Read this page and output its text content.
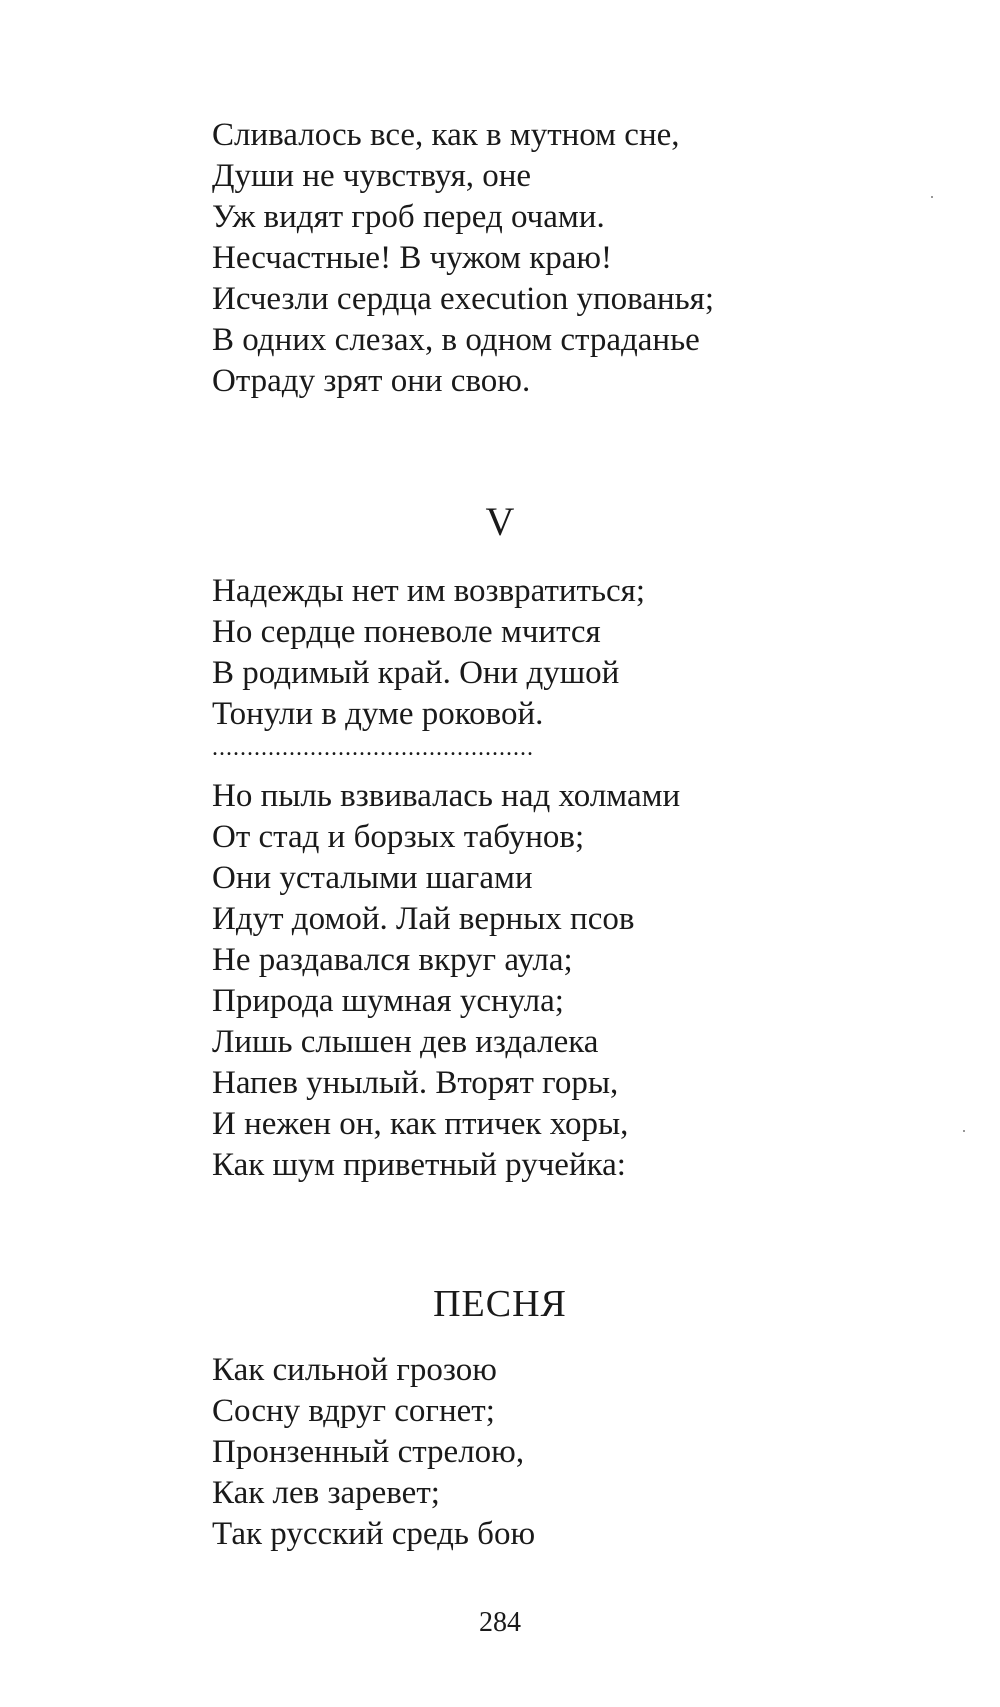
Сливалось все, как в мутном сне,
Души не чувствуя, оне
Уж видят гроб перед очами.
Несчастные! В чужом краю!
Исчезли сердца execution упованья;
В одних слезах, в одном страданье
Отраду зрят они свою.
V
Надежды нет им возвратиться;
Но сердце поневоле мчится
В родимый край. Они душой
Тонули в думе роковой.
..............................................
Но пыль взвивалась над холмами
От стад и борзых табунов;
Они усталыми шагами
Идут домой. Лай верных псов
Не раздавался вкруг аула;
Природа шумная уснула;
Лишь слышен дев издалека
Напев унылый. Вторят горы,
И нежен он, как птичек хоры,
Как шум приветный ручейка:
ПЕСНЯ
Как сильной грозою
Сосну вдруг согнет;
Пронзенный стрелою,
Как лев заревет;
Так русский средь бою
284
